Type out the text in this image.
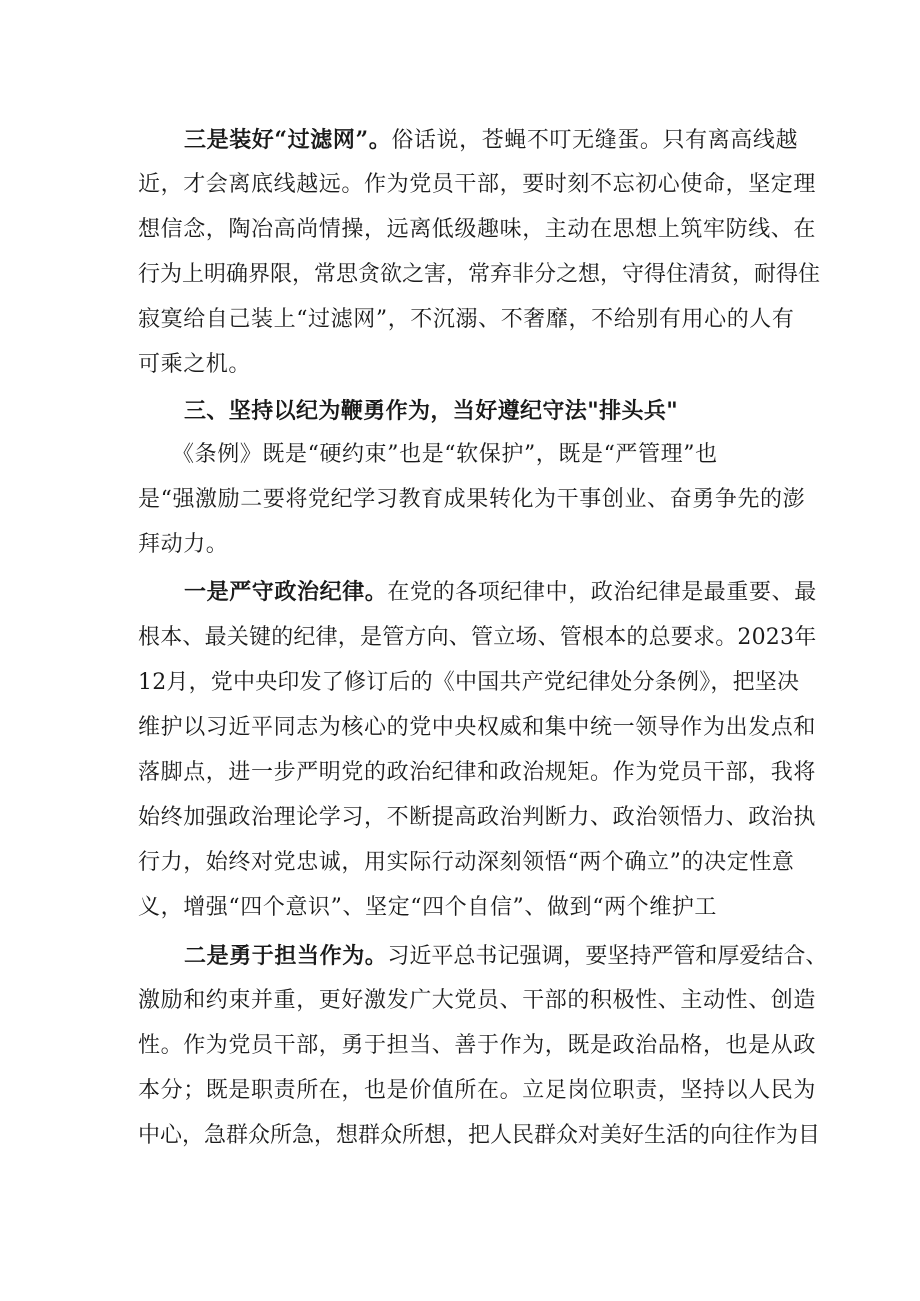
三是装好“过滤网”。俗话说，苍蝇不叮无缝蛋。只有离高线越
近，才会离底线越远。作为党员干部，要时刻不忘初心使命，坚定理
想信念，陶冶高尚情操，远离低级趣味，主动在思想上筑牢防线、在
行为上明确界限，常思贪欲之害，常弃非分之想，守得住清贫，耐得住
寂寞给自己装上“过滤网”，不沉溺、不奢靡，不给别有用心的人有
可乘之机。
三、坚持以纪为鞭勇作为，当好遵纪守法"排头兵"
《条例》既是“硬约束”也是“软保护”，既是“严管理”也
是“强激励二要将党纪学习教育成果转化为干事创业、奋勇争先的澎
拜动力。
一是严守政治纪律。在党的各项纪律中，政治纪律是最重要、最
根本、最关键的纪律，是管方向、管立场、管根本的总要求。2023年
12月，党中央印发了修订后的《中国共产党纪律处分条例》，把坚决
维护以习近平同志为核心的党中央权威和集中统一领导作为出发点和
落脚点，进一步严明党的政治纪律和政治规矩。作为党员干部，我将
始终加强政治理论学习，不断提高政治判断力、政治领悟力、政治执
行力，始终对党忠诚，用实际行动深刻领悟“两个确立”的决定性意
义，增强“四个意识”、坚定“四个自信”、做到“两个维护工
二是勇于担当作为。习近平总书记强调，要坚持严管和厚爱结合、
激励和约束并重，更好激发广大党员、干部的积极性、主动性、创造
性。作为党员干部，勇于担当、善于作为，既是政治品格，也是从政
本分；既是职责所在，也是价值所在。立足岗位职责，坚持以人民为
中心，急群众所急，想群众所想，把人民群众对美好生活的向往作为目
